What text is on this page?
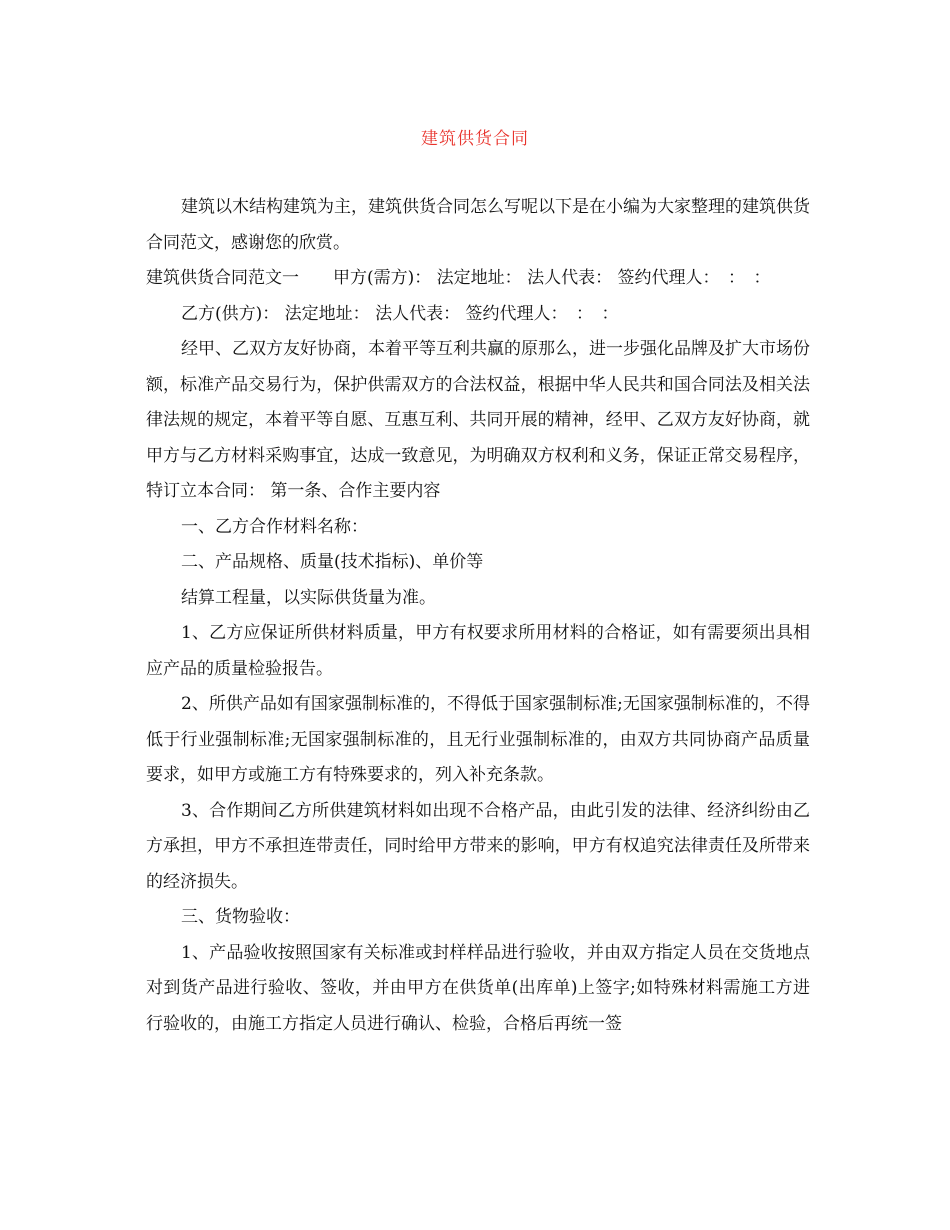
建筑供货合同

建筑以木结构建筑为主，建筑供货合同怎么写呢以下是在小编为大家整理的建筑供货合同范文，感谢您的欣赏。

建筑供货合同范文一　　甲方(需方)： 法定地址： 法人代表： 签约代理人：　：　：

乙方(供方)： 法定地址： 法人代表： 签约代理人：　：　：

经甲、乙双方友好协商，本着平等互利共赢的原那么，进一步强化品牌及扩大市场份额，标准产品交易行为，保护供需双方的合法权益，根据中华人民共和国合同法及相关法律法规的规定，本着平等自愿、互惠互利、共同开展的精神，经甲、乙双方友好协商，就甲方与乙方材料采购事宜，达成一致意见，为明确双方权利和义务，保证正常交易程序，特订立本合同： 第一条、合作主要内容

一、乙方合作材料名称：

二、产品规格、质量(技术指标)、单价等

结算工程量，以实际供货量为准。

1、乙方应保证所供材料质量，甲方有权要求所用材料的合格证，如有需要须出具相应产品的质量检验报告。

2、所供产品如有国家强制标准的，不得低于国家强制标准;无国家强制标准的，不得低于行业强制标准;无国家强制标准的，且无行业强制标准的，由双方共同协商产品质量要求，如甲方或施工方有特殊要求的，列入补充条款。

3、合作期间乙方所供建筑材料如出现不合格产品，由此引发的法律、经济纠纷由乙方承担，甲方不承担连带责任，同时给甲方带来的影响，甲方有权追究法律责任及所带来的经济损失。

三、货物验收：

1、产品验收按照国家有关标准或封样样品进行验收，并由双方指定人员在交货地点对到货产品进行验收、签收，并由甲方在供货单(出库单)上签字;如特殊材料需施工方进行验收的，由施工方指定人员进行确认、检验，合格后再统一签
